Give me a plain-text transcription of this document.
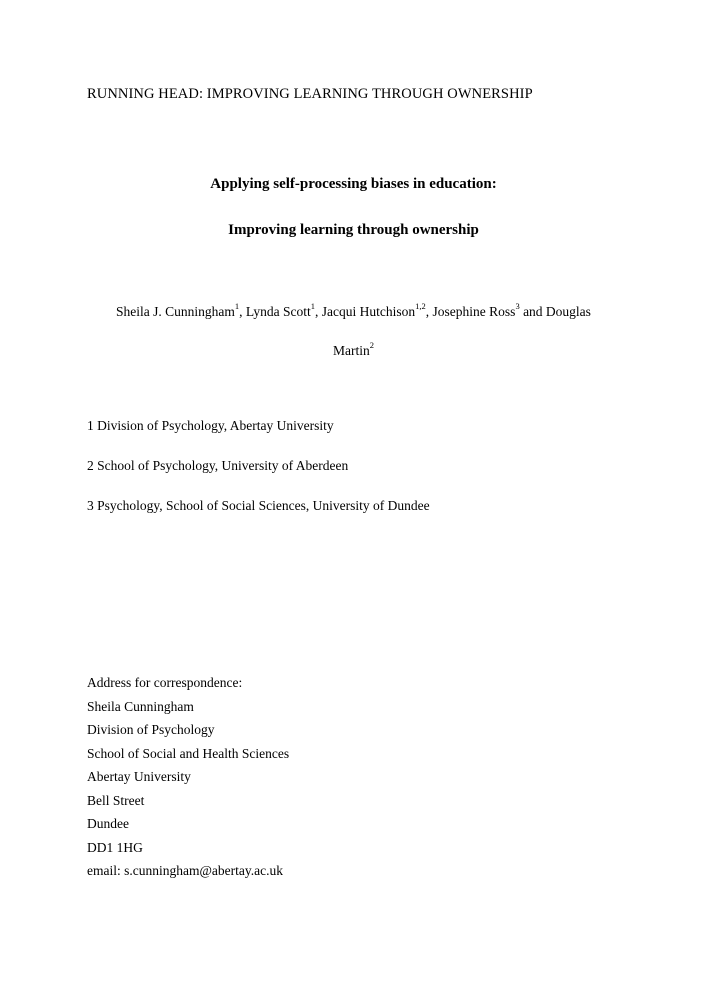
RUNNING HEAD: IMPROVING LEARNING THROUGH OWNERSHIP
Applying self-processing biases in education:
Improving learning through ownership
Sheila J. Cunningham$^1$, Lynda Scott$^1$, Jacqui Hutchison$^{1,2}$, Josephine Ross$^3$ and Douglas
Martin$^2$
1 Division of Psychology, Abertay University
2 School of Psychology, University of Aberdeen
3 Psychology, School of Social Sciences, University of Dundee
Address for correspondence:
Sheila Cunningham
Division of Psychology
School of Social and Health Sciences
Abertay University
Bell Street
Dundee
DD1 1HG
email: s.cunningham@abertay.ac.uk
